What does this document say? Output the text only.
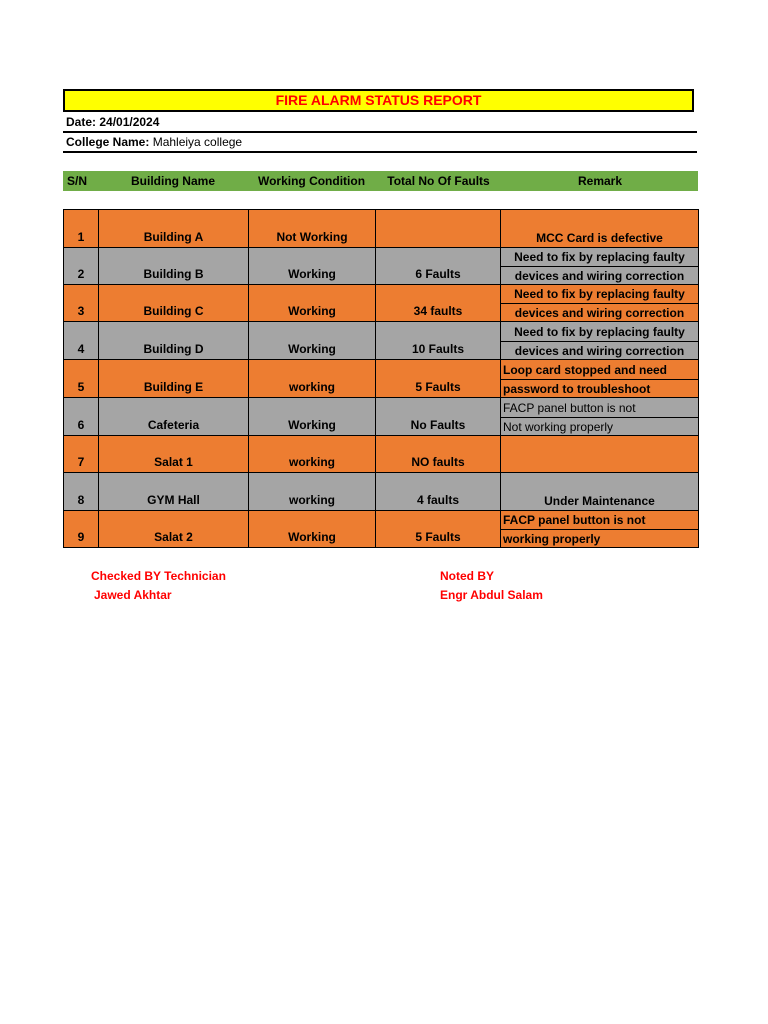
FIRE ALARM STATUS REPORT
Date: 24/01/2024
College Name: Mahleiya college
S/N	Building Name	Working Condition	Total No Of Faults	Remark
1	Building A	Not Working		MCC Card is defective

2	Building B	Working	6 Faults	Need to fix by replacing faulty
devices and wiring correction

3	Building C	Working	34 faults	Need to fix by replacing faulty
devices and wiring correction

4	Building D	Working	10 Faults	Need to fix by replacing faulty
devices and wiring correction

5	Building E	working	5 Faults	Loop card stopped and need
password to troubleshoot

6	Cafeteria	Working	No Faults	FACP panel button is not
Not working properly

7	Salat 1	working	NO faults	

8	GYM Hall	working	4 faults	Under Maintenance

9	Salat 2	Working	5 Faults	FACP panel button is not
working properly
Checked BY Technician
Jawed Akhtar
Noted BY
Engr Abdul Salam
